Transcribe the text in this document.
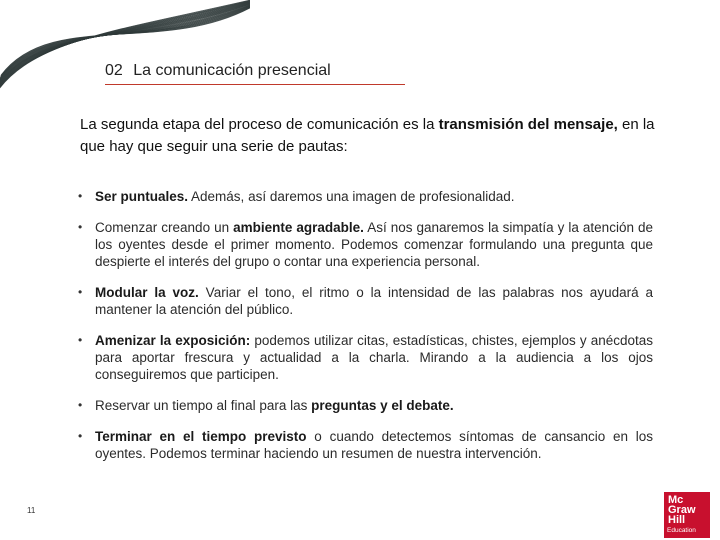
02 La comunicación presencial
La segunda etapa del proceso de comunicación es la transmisión del mensaje, en la que hay que seguir una serie de pautas:
• Ser puntuales. Además, así daremos una imagen de profesionalidad.
• Comenzar creando un ambiente agradable. Así nos ganaremos la simpatía y la atención de los oyentes desde el primer momento. Podemos comenzar formulando una pregunta que despierte el interés del grupo o contar una experiencia personal.
• Modular la voz. Variar el tono, el ritmo o la intensidad de las palabras nos ayudará a mantener la atención del público.
• Amenizar la exposición: podemos utilizar citas, estadísticas, chistes, ejemplos y anécdotas para aportar frescura y actualidad a la charla. Mirando a la audiencia a los ojos conseguiremos que participen.
• Reservar un tiempo al final para las preguntas y el debate.
• Terminar en el tiempo previsto o cuando detectemos síntomas de cansancio en los oyentes. Podemos terminar haciendo un resumen de nuestra intervención.
11
Mc
Graw
Hill
Education
